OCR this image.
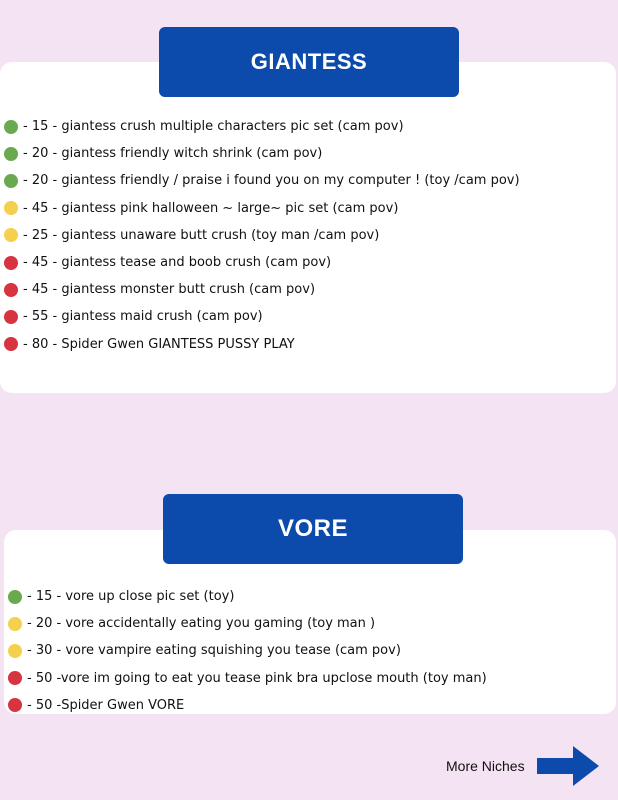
GIANTESS
- 15 - giantess crush multiple characters pic set (cam pov)
- 20 - giantess friendly witch shrink (cam pov)
- 20 - giantess friendly / praise i found you on my computer ! (toy /cam pov)
- 45 - giantess pink halloween ~ large~ pic set (cam pov)
- 25 - giantess unaware butt crush (toy man /cam pov)
- 45 - giantess tease and boob crush (cam pov)
- 45 - giantess monster butt crush (cam pov)
- 55 - giantess maid crush (cam pov)
- 80 - Spider Gwen GIANTESS PUSSY PLAY
VORE
- 15 - vore up close pic set (toy)
- 20 - vore accidentally eating you gaming (toy man )
- 30 - vore vampire eating squishing you tease (cam pov)
- 50 -vore im going to eat you tease pink bra upclose mouth (toy man)
- 50 -Spider Gwen VORE
More Niches
